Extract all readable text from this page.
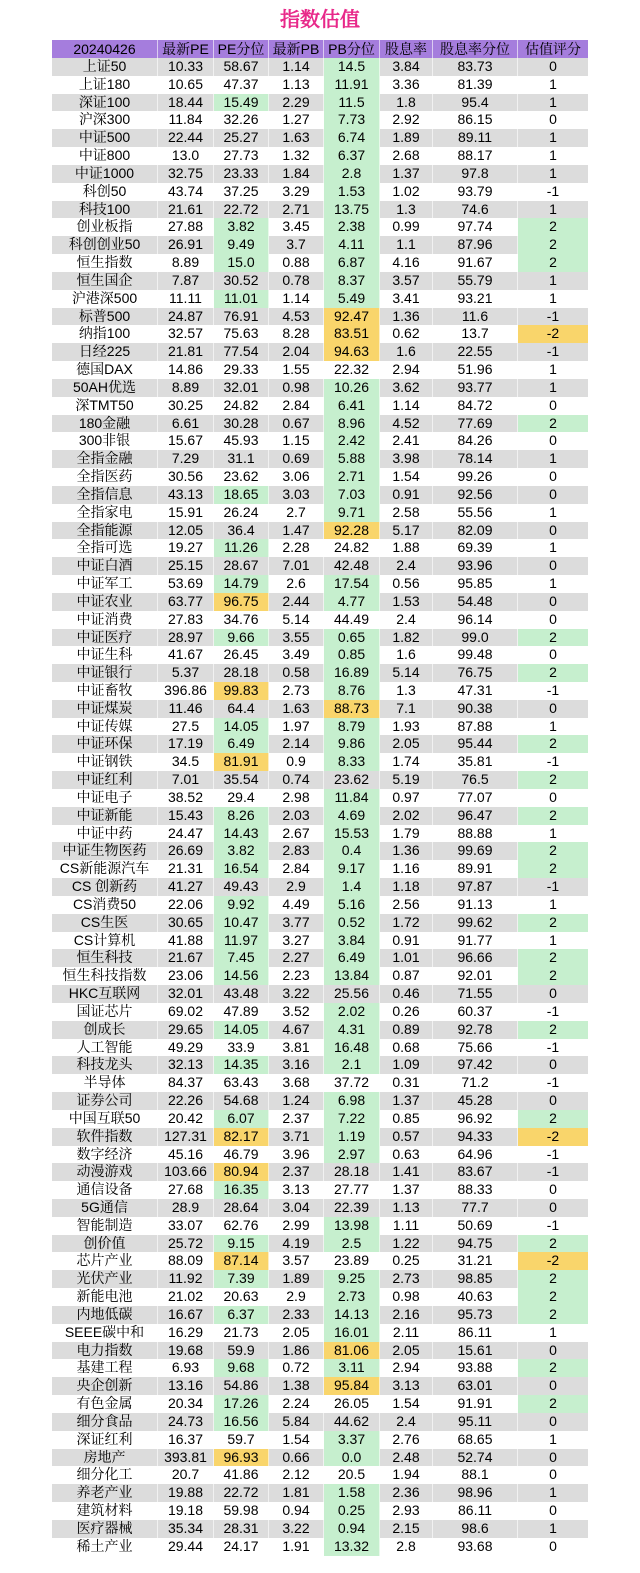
指数估值
20240426	最新PE PE分位 最新PB PB分位 股息率 股息率分位	估值评分
上证50	10.33	58.67	1.14	14.5	3.84	83.73	0
上证180	10.65	47.37	1.13	11.91	3.36	81.39	1
深证100	18.44	15.49	2.29	11.5	1.8	95.4	1
沪深300	11.84	32.26	1.27	7.73	2.92	86.15	0
中证500	22.44	25.27	1.63	6.74	1.89	89.11	1
中证800	13.0	27.73	1.32	6.37	2.68	88.17	1
中证1000	32.75	23.33	1.84	2.8	1.37	97.8	1
科创50	43.74	37.25	3.29	1.53	1.02	93.79	-1
科技100	21.61	22.72	2.71	13.75	1.3	74.6	1
创业板指	27.88	3.82	3.45	2.38	0.99	97.74	2
科创创业50	26.91	9.49	3.7	4.11	1.1	87.96	2
恒生指数	8.89	15.0	0.88	6.87	4.16	91.67	2
恒生国企	7.87	30.52	0.78	8.37	3.57	55.79	1
沪港深500	11.11	11.01	1.14	5.49	3.41	93.21	1
标普500	24.87	76.91	4.53	92.47	1.36	11.6	-1
纳指100	32.57	75.63	8.28	83.51	0.62	13.7	-2
日经225	21.81	77.54	2.04	94.63	1.6	22.55	-1
德国DAX	14.86	29.33	1.55	22.32	2.94	51.96	1
50AH优选	8.89	32.01	0.98	10.26	3.62	93.77	1
深TMT50	30.25	24.82	2.84	6.41	1.14	84.72	0
180金融	6.61	30.28	0.67	8.96	4.52	77.69	2
300非银	15.67	45.93	1.15	2.42	2.41	84.26	0
全指金融	7.29	31.1	0.69	5.88	3.98	78.14	1
全指医药	30.56	23.62	3.06	2.71	1.54	99.26	0
全指信息	43.13	18.65	3.03	7.03	0.91	92.56	0
全指家电	15.91	26.24	2.7	9.71	2.58	55.56	1
全指能源	12.05	36.4	1.47	92.28	5.17	82.09	0
全指可选	19.27	11.26	2.28	24.82	1.88	69.39	1
中证白酒	25.15	28.67	7.01	42.48	2.4	93.96	0
中证军工	53.69	14.79	2.6	17.54	0.56	95.85	1
中证农业	63.77	96.75	2.44	4.77	1.53	54.48	0
中证消费	27.83	34.76	5.14	44.49	2.4	96.14	0
中证医疗	28.97	9.66	3.55	0.65	1.82	99.0	2
中证生科	41.67	26.45	3.49	0.85	1.6	99.48	0
中证银行	5.37	28.18	0.58	16.89	5.14	76.75	2
中证畜牧	396.86	99.83	2.73	8.76	1.3	47.31	-1
中证煤炭	11.46	64.4	1.63	88.73	7.1	90.38	0
中证传媒	27.5	14.05	1.97	8.79	1.93	87.88	1
中证环保	17.19	6.49	2.14	9.86	2.05	95.44	2
中证钢铁	34.5	81.91	0.9	8.33	1.74	35.81	-1
中证红利	7.01	35.54	0.74	23.62	5.19	76.5	2
中证电子	38.52	29.4	2.98	11.84	0.97	77.07	0
中证新能	15.43	8.26	2.03	4.69	2.02	96.47	2
中证中药	24.47	14.43	2.67	15.53	1.79	88.88	1
中证生物医药	26.69	3.82	2.83	0.4	1.36	99.69	2
CS新能源汽车	21.31	16.54	2.84	9.17	1.16	89.91	2
CS 创新药	41.27	49.43	2.9	1.4	1.18	97.87	-1
CS消费50	22.06	9.92	4.49	5.16	2.56	91.13	1
CS生医	30.65	10.47	3.77	0.52	1.72	99.62	2
CS计算机	41.88	11.97	3.27	3.84	0.91	91.77	1
恒生科技	21.67	7.45	2.27	6.49	1.01	96.66	2
恒生科技指数	23.06	14.56	2.23	13.84	0.87	92.01	2
HKC互联网	32.01	43.48	3.22	25.56	0.46	71.55	0
国证芯片	69.02	47.89	3.52	2.02	0.26	60.37	-1
创成长	29.65	14.05	4.67	4.31	0.89	92.78	2
人工智能	49.29	33.9	3.81	16.48	0.68	75.66	-1
科技龙头	32.13	14.35	3.16	2.1	1.09	97.42	0
半导体	84.37	63.43	3.68	37.72	0.31	71.2	-1
证券公司	22.26	54.68	1.24	6.98	1.37	45.28	0
中国互联50	20.42	6.07	2.37	7.22	0.85	96.92	2
软件指数	127.31	82.17	3.71	1.19	0.57	94.33	-2
数字经济	45.16	46.79	3.96	2.97	0.63	64.96	-1
动漫游戏	103.66	80.94	2.37	28.18	1.41	83.67	-1
通信设备	27.68	16.35	3.13	27.77	1.37	88.33	0
5G通信	28.9	28.64	3.04	22.39	1.13	77.7	0
智能制造	33.07	62.76	2.99	13.98	1.11	50.69	-1
创价值	25.72	9.15	4.19	2.5	1.22	94.75	2
芯片产业	88.09	87.14	3.57	23.89	0.25	31.21	-2
光伏产业	11.92	7.39	1.89	9.25	2.73	98.85	2
新能电池	21.02	20.63	2.9	2.73	0.98	40.63	2
内地低碳	16.67	6.37	2.33	14.13	2.16	95.73	2
SEEE碳中和	16.29	21.73	2.05	16.01	2.11	86.11	1
电力指数	19.68	59.9	1.86	81.06	2.05	15.61	0
基建工程	6.93	9.68	0.72	3.11	2.94	93.88	2
央企创新	13.16	54.86	1.38	95.84	3.13	63.01	0
有色金属	20.34	17.26	2.24	26.05	1.54	91.91	2
细分食品	24.73	16.56	5.84	44.62	2.4	95.11	0
深证红利	16.37	59.7	1.54	3.37	2.76	68.65	1
房地产	393.81	96.93	0.66	0.0	2.48	52.74	0
细分化工	20.7	41.86	2.12	20.5	1.94	88.1	0
养老产业	19.88	22.72	1.81	1.58	2.36	98.96	1
建筑材料	19.18	59.98	0.94	0.25	2.93	86.11	0
医疗器械	35.34	28.31	3.22	0.94	2.15	98.6	1
稀土产业	29.44	24.17	1.91	13.32	2.8	93.68	0
